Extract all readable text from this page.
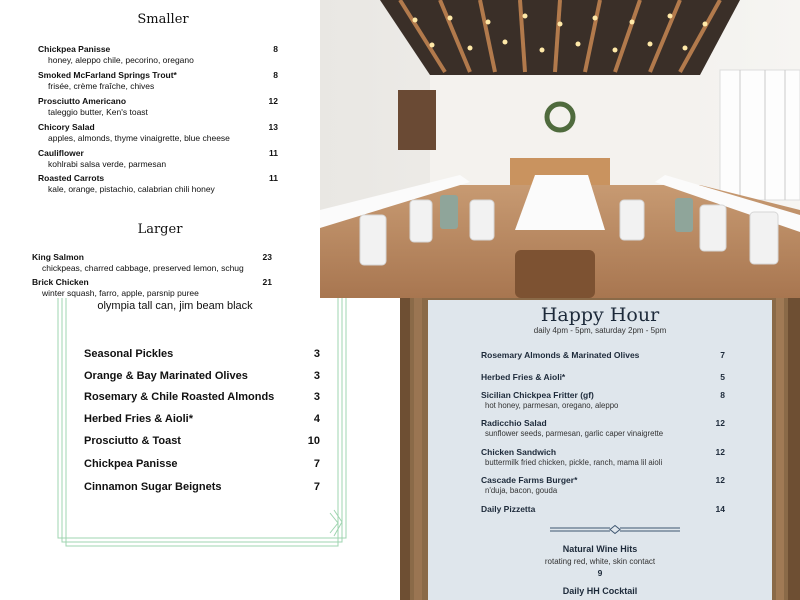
Smaller
Chickpea Panisse
honey, aleppo chile, pecorino, oregano
8
Smoked McFarland Springs Trout*
frisée, crème fraîche, chives
8
Prosciutto Americano
taleggio butter, Ken's toast
12
Chicory Salad
apples, almonds, thyme vinaigrette, blue cheese
13
Cauliflower
kohlrabi salsa verde, parmesan
11
Roasted Carrots
kale, orange, pistachio, calabrian chili honey
11
Larger
King Salmon
chickpeas, charred cabbage, preserved lemon, schug
23
Brick Chicken
winter squash, farro, apple, parsnip puree
21
olympia tall can, jim beam black
Seasonal Pickles	3
Orange & Bay Marinated Olives	3
Rosemary & Chile Roasted Almonds	3
Herbed Fries & Aioli*	4
Prosciutto & Toast	10
Chickpea Panisse	7
Cinnamon Sugar Beignets	7
Happy Hour
daily 4pm - 5pm, saturday 2pm - 5pm
Rosemary Almonds & Marinated Olives	7
Herbed Fries & Aioli*	5
Sicilian Chickpea Fritter (gf)
hot honey, parmesan, oregano, aleppo
8
Radicchio Salad
sunflower seeds, parmesan, garlic caper vinaigrette
12
Chicken Sandwich
buttermilk fried chicken, pickle, ranch, mama lil aioli
12
Cascade Farms Burger*
n'duja, bacon, gouda
12
Daily Pizzetta	14
Natural Wine Hits
rotating red, white, skin contact
9
Daily HH Cocktail
